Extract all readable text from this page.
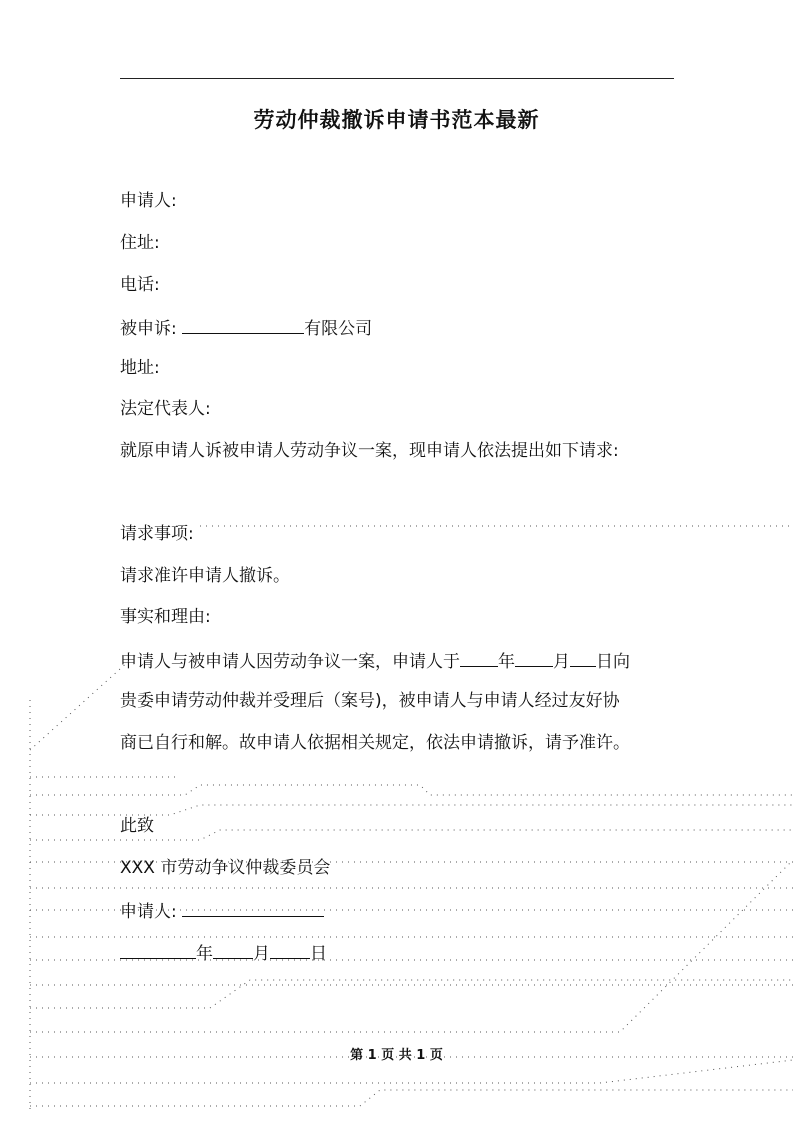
劳动仲裁撤诉申请书范本最新
申请人:
住址:
电话:
被申诉:	有限公司
地址:
法定代表人:
就原申请人诉被申请人劳动争议一案，现申请人依法提出如下请求:
请求事项:
请求准许申请人撤诉。
事实和理由:
申请人与被申请人因劳动争议一案，申请人于 年 月 日向
贵委申请劳动仲裁并受理后（案号)，被申请人与申请人经过友好协
商已自行和解。故申请人依据相关规定，依法申请撤诉，请予准许。
此致
XXX 市劳动争议仲裁委员会
申请人:
年 月 日
第 1 页 共 1 页
